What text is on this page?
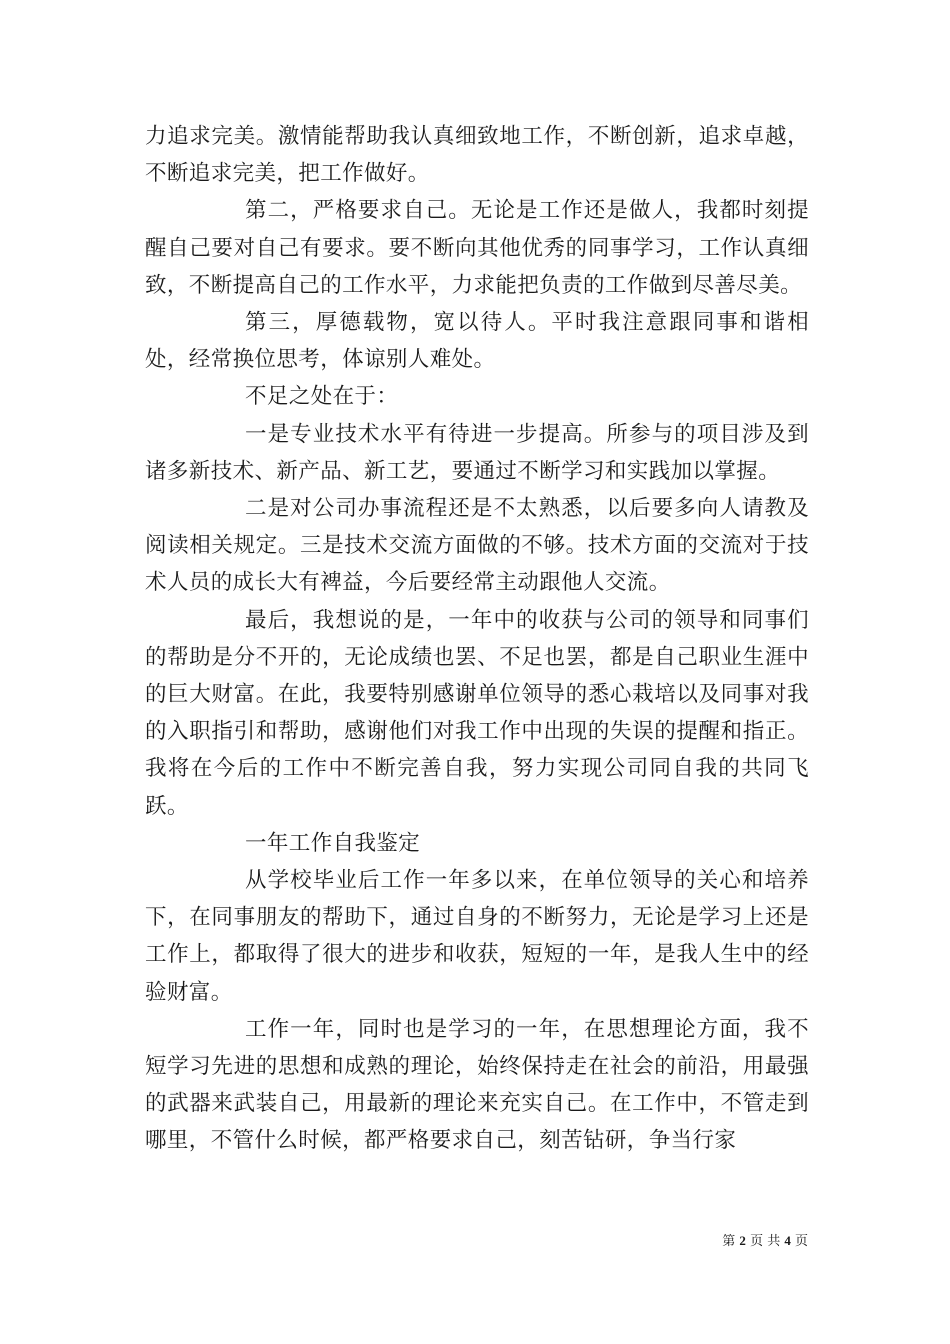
力追求完美。激情能帮助我认真细致地工作，不断创新，追求卓越，不断追求完美，把工作做好。

第二，严格要求自己。无论是工作还是做人，我都时刻提醒自己要对自己有要求。要不断向其他优秀的同事学习，工作认真细致，不断提高自己的工作水平，力求能把负责的工作做到尽善尽美。

第三，厚德载物，宽以待人。平时我注意跟同事和谐相处，经常换位思考，体谅别人难处。

不足之处在于：

一是专业技术水平有待进一步提高。所参与的项目涉及到诸多新技术、新产品、新工艺，要通过不断学习和实践加以掌握。

二是对公司办事流程还是不太熟悉，以后要多向人请教及阅读相关规定。三是技术交流方面做的不够。技术方面的交流对于技术人员的成长大有裨益，今后要经常主动跟他人交流。

最后，我想说的是，一年中的收获与公司的领导和同事们的帮助是分不开的，无论成绩也罢、不足也罢，都是自己职业生涯中的巨大财富。在此，我要特别感谢单位领导的悉心栽培以及同事对我的入职指引和帮助，感谢他们对我工作中出现的失误的提醒和指正。我将在今后的工作中不断完善自我，努力实现公司同自我的共同飞跃。

一年工作自我鉴定

从学校毕业后工作一年多以来，在单位领导的关心和培养下，在同事朋友的帮助下，通过自身的不断努力，无论是学习上还是工作上，都取得了很大的进步和收获，短短的一年，是我人生中的经验财富。

工作一年，同时也是学习的一年，在思想理论方面，我不短学习先进的思想和成熟的理论，始终保持走在社会的前沿，用最强的武器来武装自己，用最新的理论来充实自己。在工作中，不管走到哪里，不管什么时候，都严格要求自己，刻苦钻研，争当行家

第 2 页 共 4 页
